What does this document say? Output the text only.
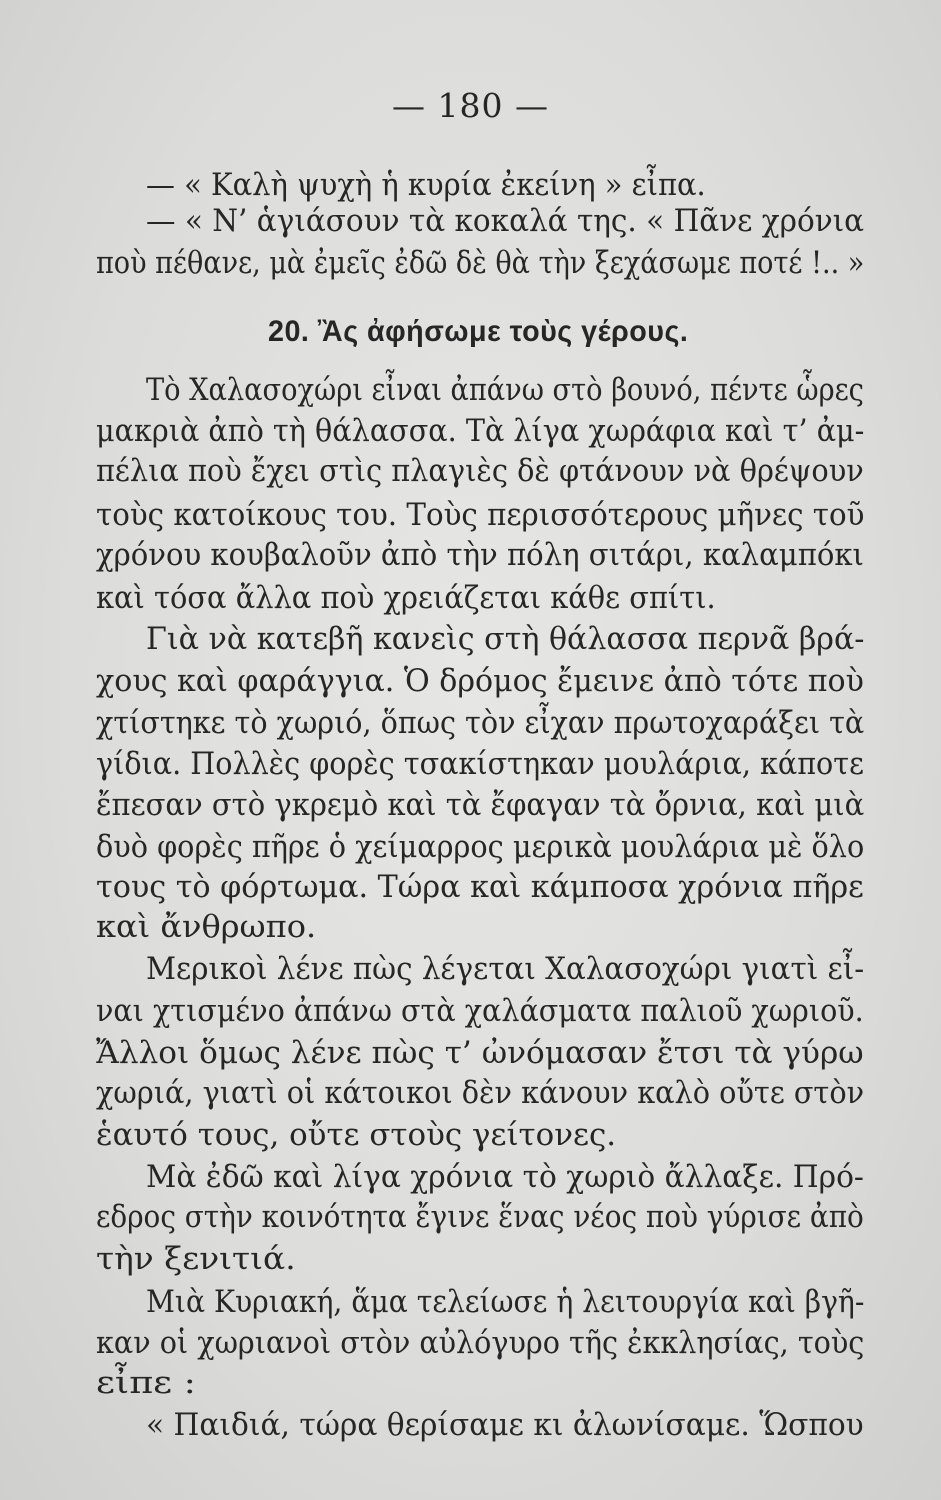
— 180 —
— « Καλὴ ψυχὴ ἡ κυρία ἐκείνη » εἶπα.
— « Ν’ ἁγιάσουν τὰ κοκαλά της. « Πᾶνε χρόνια
ποὺ πέθανε, μὰ ἐμεῖς ἐδῶ δὲ θὰ τὴν ξεχάσωμε ποτέ !.. »
20. Ἂς ἀφήσωμε τοὺς γέρους.
Τὸ Χαλασοχώρι εἶναι ἀπάνω στὸ βουνό, πέντε ὧρες
μακριὰ ἀπὸ τὴ θάλασσα. Τὰ λίγα χωράφια καὶ τ’ ἀμ-
πέλια ποὺ ἔχει στὶς πλαγιὲς δὲ φτάνουν νὰ θρέψουν
τοὺς κατοίκους του. Τοὺς περισσότερους μῆνες τοῦ
χρόνου κουβαλοῦν ἀπὸ τὴν πόλη σιτάρι, καλαμπόκι
καὶ τόσα ἄλλα ποὺ χρειάζεται κάθε σπίτι.
Γιὰ νὰ κατεβῆ κανεὶς στὴ θάλασσα περνᾶ βρά-
χους καὶ φαράγγια. Ὁ δρόμος ἔμεινε ἀπὸ τότε ποὺ
χτίστηκε τὸ χωριό, ὅπως τὸν εἶχαν πρωτοχαράξει τὰ
γίδια. Πολλὲς φορὲς τσακίστηκαν μουλάρια, κάποτε
ἔπεσαν στὸ γκρεμὸ καὶ τὰ ἔφαγαν τὰ ὄρνια, καὶ μιὰ
δυὸ φορὲς πῆρε ὁ χείμαρρος μερικὰ μουλάρια μὲ ὅλο
τους τὸ φόρτωμα. Τώρα καὶ κάμποσα χρόνια πῆρε
καὶ ἄνθρωπο.
Μερικοὶ λένε πὼς λέγεται Χαλασοχώρι γιατὶ εἶ-
ναι χτισμένο ἀπάνω στὰ χαλάσματα παλιοῦ χωριοῦ.
Ἄλλοι ὅμως λένε πὼς τ’ ὠνόμασαν ἔτσι τὰ γύρω
χωριά, γιατὶ οἱ κάτοικοι δὲν κάνουν καλὸ οὔτε στὸν
ἑαυτό τους, οὔτε στοὺς γείτονες.
Μὰ ἐδῶ καὶ λίγα χρόνια τὸ χωριὸ ἄλλαξε. Πρό-
εδρος στὴν κοινότητα ἔγινε ἕνας νέος ποὺ γύρισε ἀπὸ
τὴν ξενιτιά.
Μιὰ Κυριακή, ἅμα τελείωσε ἡ λειτουργία καὶ βγῆ-
καν οἱ χωριανοὶ στὸν αὐλόγυρο τῆς ἐκκλησίας, τοὺς
εἶπε :
« Παιδιά, τώρα θερίσαμε κι ἀλωνίσαμε. Ὥσπου
